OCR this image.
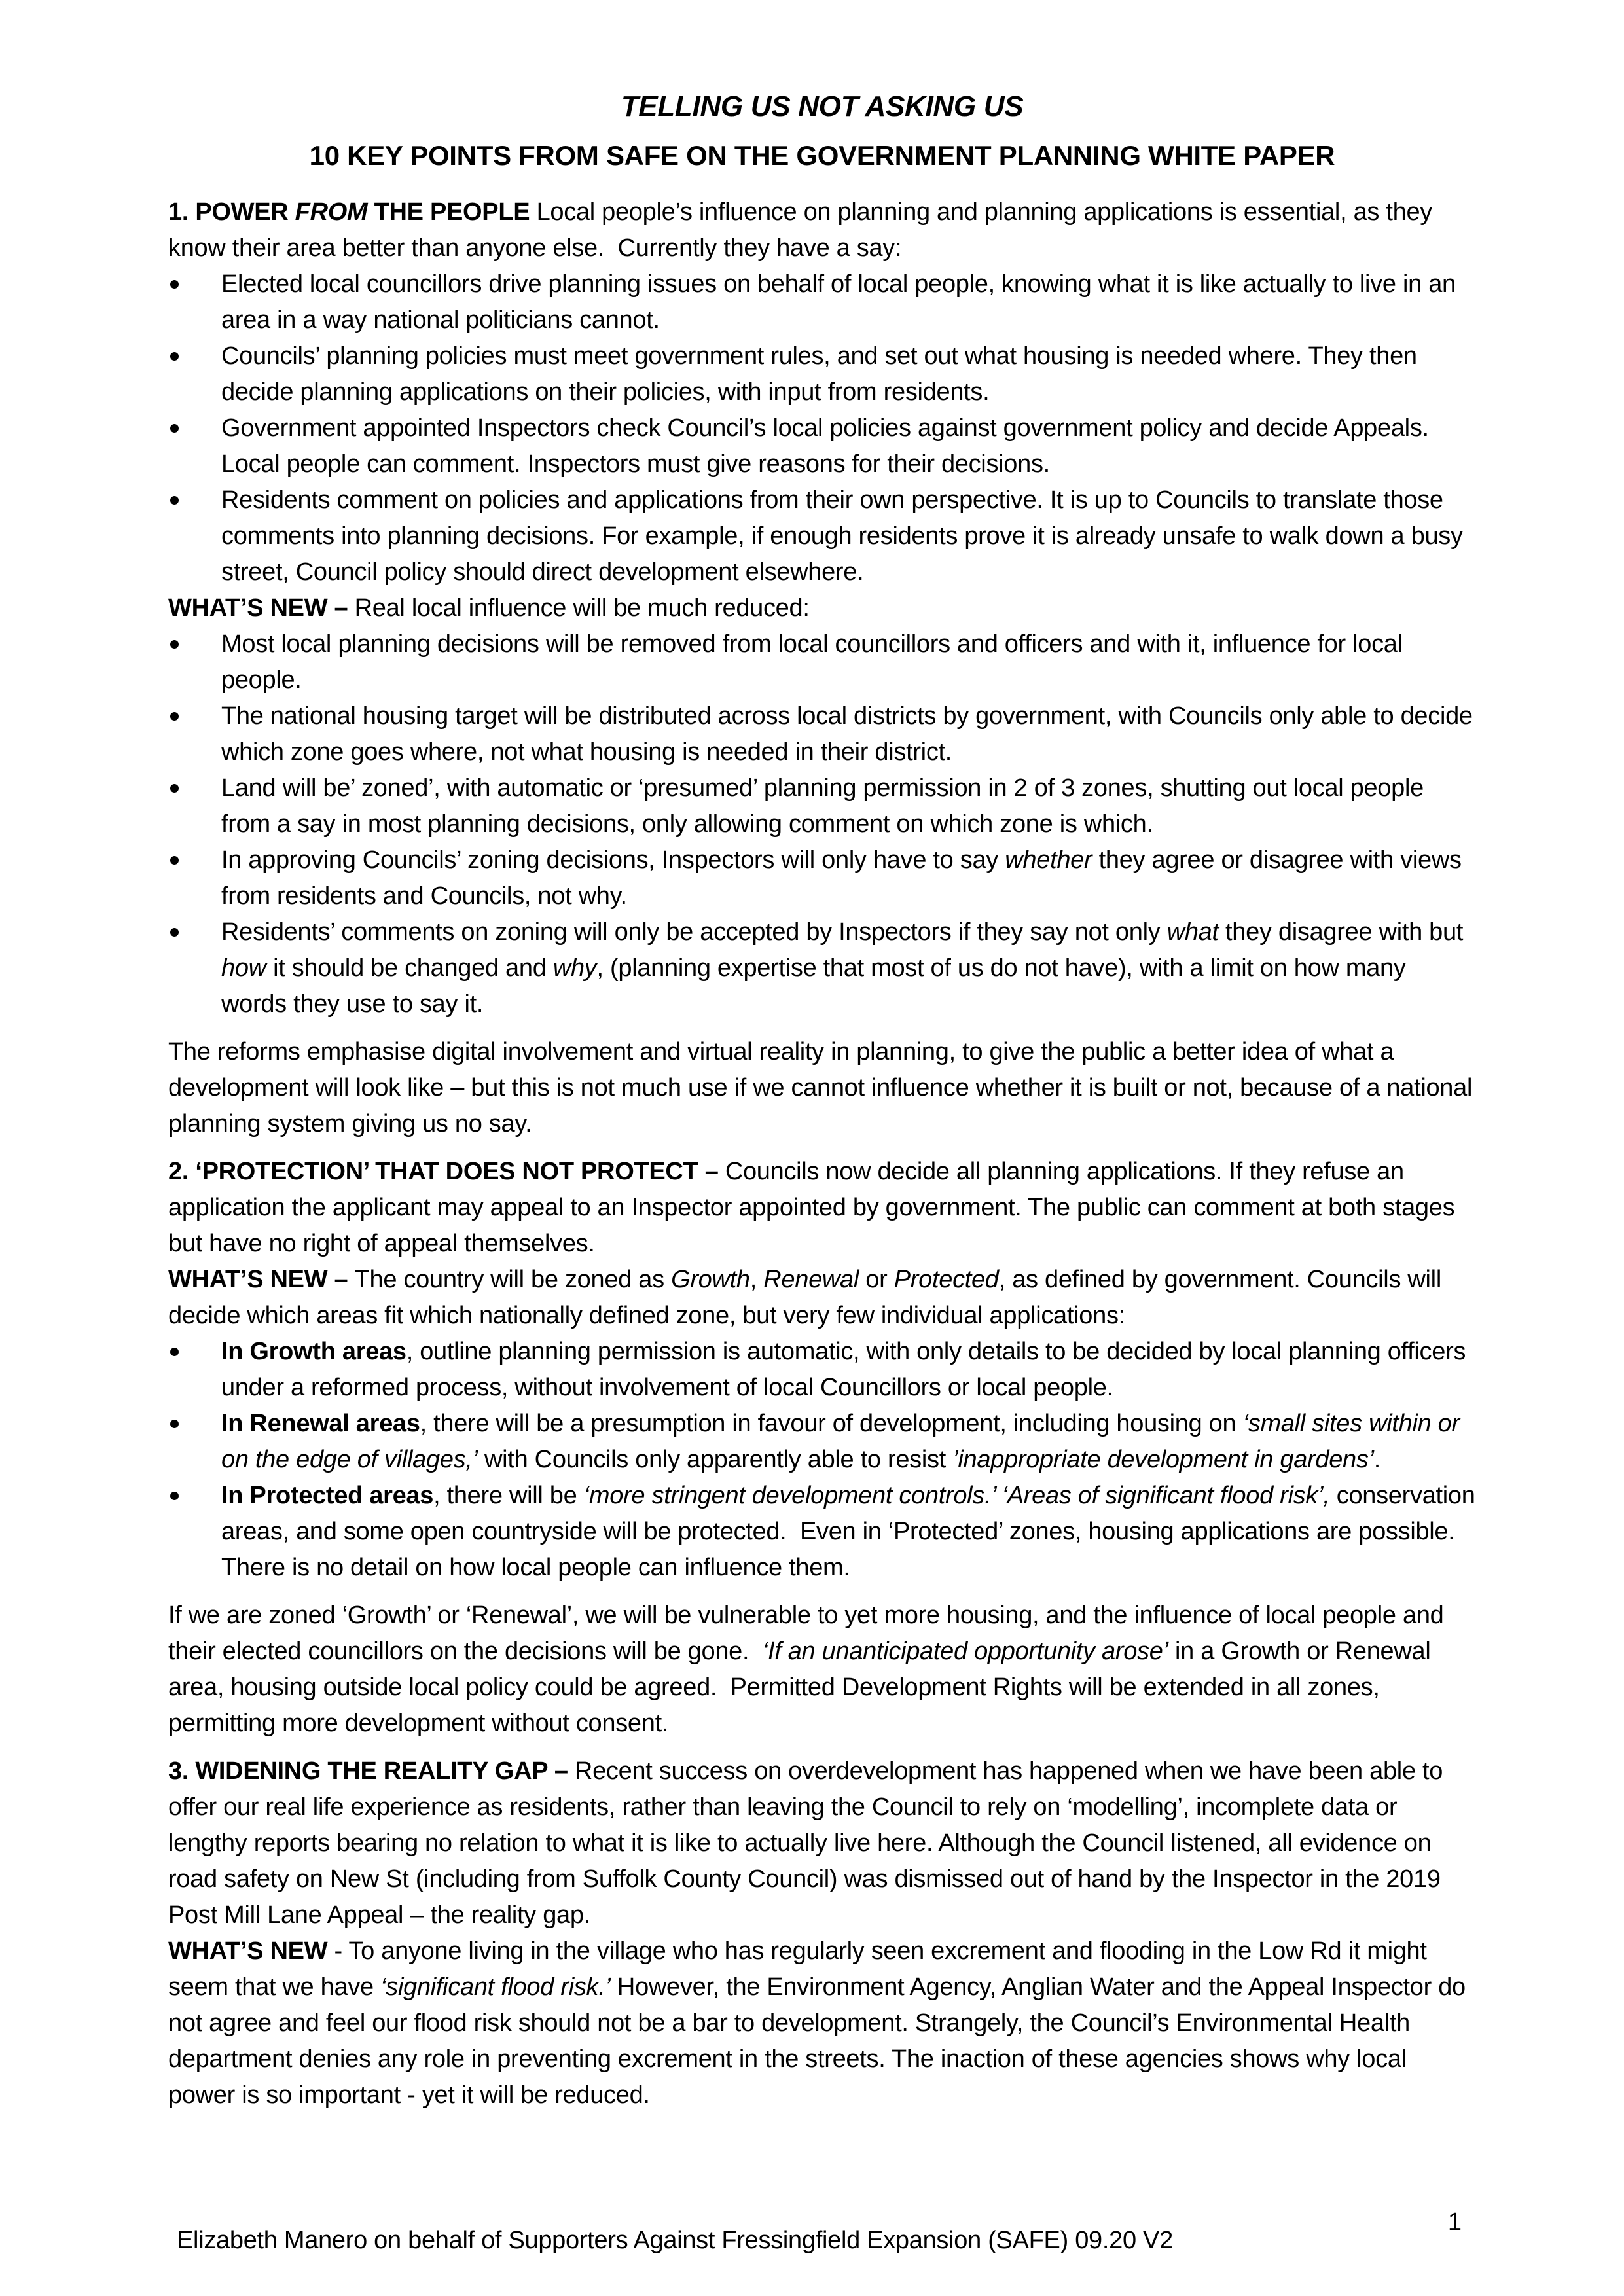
TELLING US NOT ASKING US
10 KEY POINTS FROM SAFE ON THE GOVERNMENT PLANNING WHITE PAPER
1. POWER FROM THE PEOPLE Local people’s influence on planning and planning applications is essential, as they know their area better than anyone else.  Currently they have a say:
Elected local councillors drive planning issues on behalf of local people, knowing what it is like actually to live in an area in a way national politicians cannot.
Councils’ planning policies must meet government rules, and set out what housing is needed where. They then decide planning applications on their policies, with input from residents.
Government appointed Inspectors check Council’s local policies against government policy and decide Appeals. Local people can comment. Inspectors must give reasons for their decisions.
Residents comment on policies and applications from their own perspective. It is up to Councils to translate those comments into planning decisions. For example, if enough residents prove it is already unsafe to walk down a busy street, Council policy should direct development elsewhere.
WHAT’S NEW – Real local influence will be much reduced:
Most local planning decisions will be removed from local councillors and officers and with it, influence for local people.
The national housing target will be distributed across local districts by government, with Councils only able to decide which zone goes where, not what housing is needed in their district.
Land will be’ zoned’, with automatic or ‘presumed’ planning permission in 2 of 3 zones, shutting out local people from a say in most planning decisions, only allowing comment on which zone is which.
In approving Councils’ zoning decisions, Inspectors will only have to say whether they agree or disagree with views from residents and Councils, not why.
Residents’ comments on zoning will only be accepted by Inspectors if they say not only what they disagree with but how it should be changed and why, (planning expertise that most of us do not have), with a limit on how many words they use to say it.
The reforms emphasise digital involvement and virtual reality in planning, to give the public a better idea of what a development will look like – but this is not much use if we cannot influence whether it is built or not, because of a national planning system giving us no say.
2. ‘PROTECTION’ THAT DOES NOT PROTECT – Councils now decide all planning applications. If they refuse an application the applicant may appeal to an Inspector appointed by government. The public can comment at both stages but have no right of appeal themselves.
WHAT’S NEW – The country will be zoned as Growth, Renewal or Protected, as defined by government. Councils will decide which areas fit which nationally defined zone, but very few individual applications:
In Growth areas, outline planning permission is automatic, with only details to be decided by local planning officers under a reformed process, without involvement of local Councillors or local people.
In Renewal areas, there will be a presumption in favour of development, including housing on ‘small sites within or on the edge of villages,’ with Councils only apparently able to resist ’inappropriate development in gardens’.
In Protected areas, there will be ‘more stringent development controls.’ ‘Areas of significant flood risk’, conservation areas, and some open countryside will be protected.  Even in ‘Protected’ zones, housing applications are possible. There is no detail on how local people can influence them.
If we are zoned ‘Growth’ or ‘Renewal’, we will be vulnerable to yet more housing, and the influence of local people and their elected councillors on the decisions will be gone.  ‘If an unanticipated opportunity arose’ in a Growth or Renewal area, housing outside local policy could be agreed.  Permitted Development Rights will be extended in all zones, permitting more development without consent.
3. WIDENING THE REALITY GAP – Recent success on overdevelopment has happened when we have been able to offer our real life experience as residents, rather than leaving the Council to rely on ‘modelling’, incomplete data or lengthy reports bearing no relation to what it is like to actually live here. Although the Council listened, all evidence on road safety on New St (including from Suffolk County Council) was dismissed out of hand by the Inspector in the 2019 Post Mill Lane Appeal – the reality gap.
WHAT’S NEW - To anyone living in the village who has regularly seen excrement and flooding in the Low Rd it might seem that we have ‘significant flood risk.’ However, the Environment Agency, Anglian Water and the Appeal Inspector do not agree and feel our flood risk should not be a bar to development. Strangely, the Council’s Environmental Health department denies any role in preventing excrement in the streets. The inaction of these agencies shows why local power is so important - yet it will be reduced.
Elizabeth Manero on behalf of Supporters Against Fressingfield Expansion (SAFE) 09.20 V2
1
